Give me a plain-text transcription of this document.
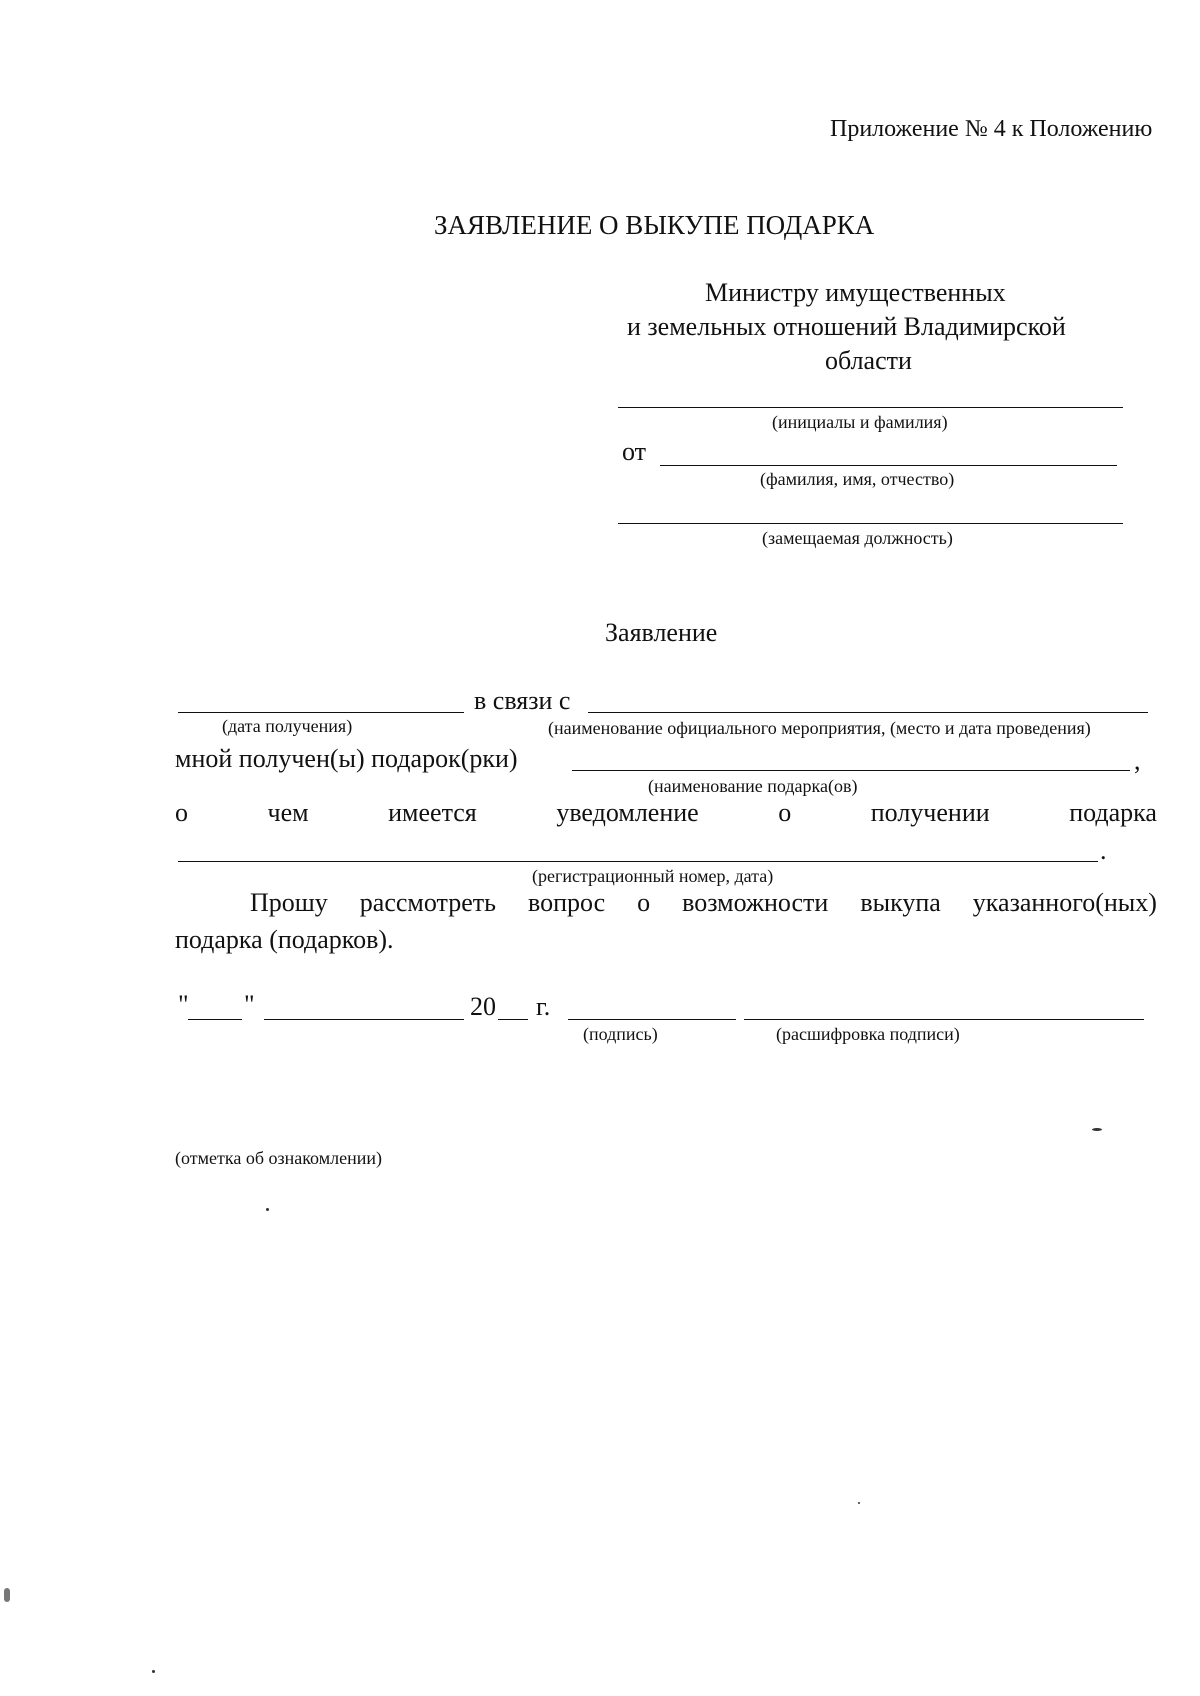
Приложение № 4 к Положению
ЗАЯВЛЕНИЕ О ВЫКУПЕ ПОДАРКА
Министру имущественных
и земельных отношений Владимирской
области
(инициалы и фамилия)
от
(фамилия, имя, отчество)
(замещаемая должность)
Заявление
в связи с
(дата получения)	(наименование официального мероприятия, (место и дата проведения)
мной получен(ы) подарок(рки)	,
(наименование подарка(ов)
о	чем	имеется	уведомление	о	получении	подарка
.
(регистрационный номер, дата)
Прошу рассмотреть вопрос о возможности выкупа указанного(ных)
подарка (подарков).
" "	20 г.
(подпись)	(расшифровка подписи)
(отметка об ознакомлении)
